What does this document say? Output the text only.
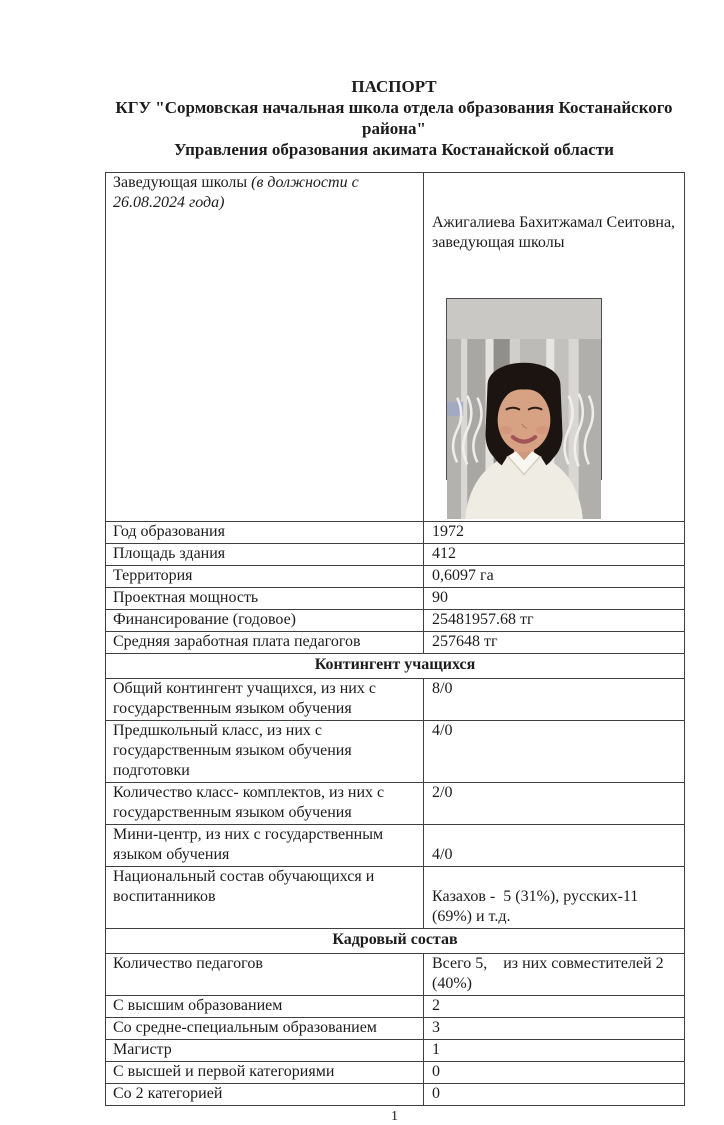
ПАСПОРТ
КГУ "Сормовская начальная школа отдела образования Костанайского района"
Управления образования акимата Костанайской области
Заведующая школы (в должности с 26.08.2024 года)	Ажигалиева Бахитжамал Сеитовна, заведующая школы

Год образования	1972
Площадь здания	412
Территория	0,6097 га
Проектная мощность	90
Финансирование (годовое)	25481957.68 тг
Средняя заработная плата педагогов	257648 тг
Контингент учащихся	
Общий контингент учащихся, из них с государственным языком обучения	8/0
Предшкольный класс, из них с государственным языком обучения подготовки	4/0
Количество класс- комплектов, из них с государственным языком обучения	2/0
Мини-центр, из них с государственным языком обучения	4/0
Национальный состав обучающихся и воспитанников	Казахов -  5 (31%), русских-11 (69%) и т.д.
Кадровый состав	
Количество педагогов	Всего 5,    из них совместителей 2 (40%)
С высшим образованием	2
Со средне-специальным образованием	3
Магистр	1
С высшей и первой категориями	0
Со 2 категорией	0
1
